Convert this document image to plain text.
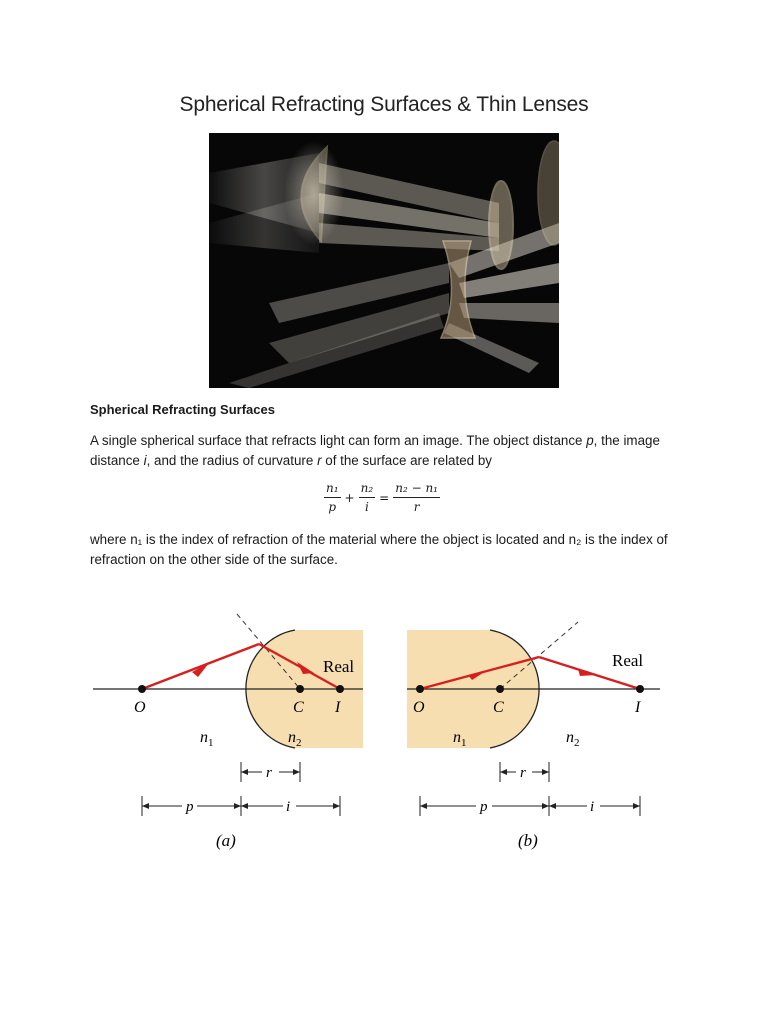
Spherical Refracting Surfaces & Thin Lenses
Spherical Refracting Surfaces
A single spherical surface that refracts light can form an image. The object distance p, the image distance i, and the radius of curvature r of the surface are related by
$\frac{\text{n₁}}{p} + \frac{\text{n₂}}{i} = \frac{\text{n₂ − n₁}}{r}$
where n₁ is the index of refraction of the material where the object is located and n₂ is the index of refraction on the other side of the surface.
Real
O	C I
$n_1$	$n_2$
r
p	i
(a)
Real
O	C	I
$n_1$	$n_2$
r
p	i
(b)
